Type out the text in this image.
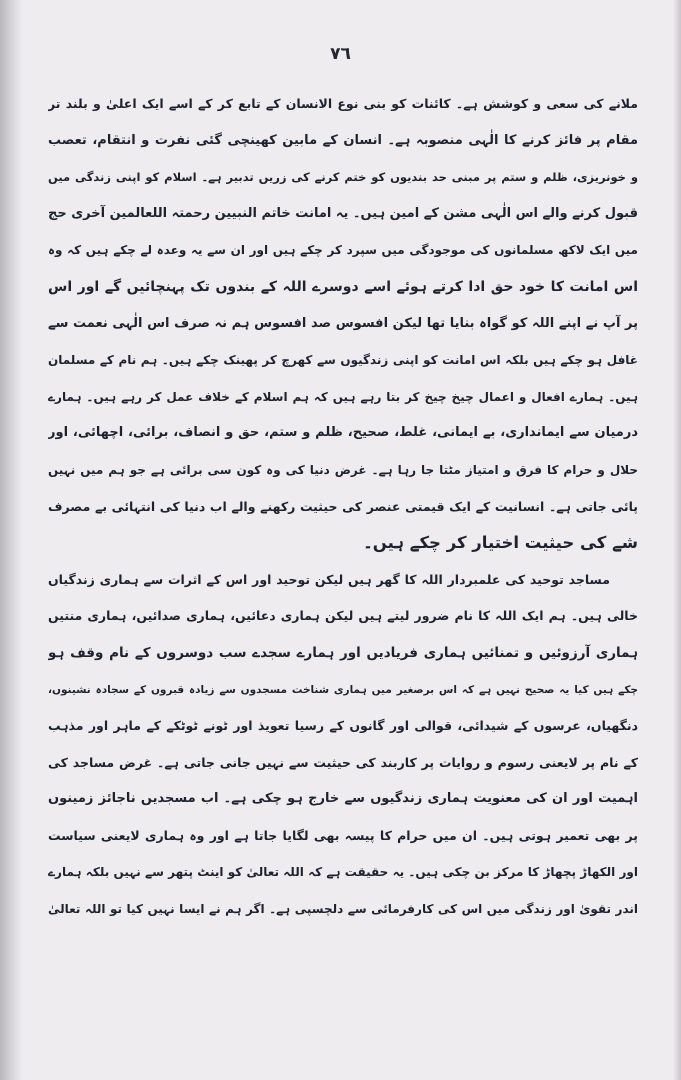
۷٦
ملانے کی سعی و کوشش ہے۔ کائنات کو بنی نوع الانسان کے تابع کر کے اسے ایک اعلیٰ و بلند تر
مقام پر فائز کرنے کا الٰہی منصوبہ ہے۔ انسان کے مابین کھینچی گئی نفرت و انتقام، تعصب
و خونریزی، ظلم و ستم پر مبنی حد بندیوں کو ختم کرنے کی زریں تدبیر ہے۔ اسلام کو اپنی زندگی میں
قبول کرنے والے اس الٰہی مشن کے امین ہیں۔ یہ امانت خاتم النبیین رحمتہ اللعالمین آخری حج
میں ایک لاکھ مسلمانوں کی موجودگی میں سپرد کر چکے ہیں اور ان سے یہ وعدہ لے چکے ہیں کہ وہ
اس امانت کا خود حق ادا کرتے ہوئے اسے دوسرے اللہ کے بندوں تک پہنچائیں گے اور اس
پر آپ نے اپنے اللہ کو گواہ بنایا تھا لیکن افسوس صد افسوس ہم نہ صرف اس الٰہی نعمت سے
غافل ہو چکے ہیں بلکہ اس امانت کو اپنی زندگیوں سے کھرچ کر پھینک چکے ہیں۔ ہم نام کے مسلمان
ہیں۔ ہمارے افعال و اعمال چیخ چیخ کر بتا رہے ہیں کہ ہم اسلام کے خلاف عمل کر رہے ہیں۔ ہمارے
درمیان سے ایمانداری، بے ایمانی، غلط، صحیح، ظلم و ستم، حق و انصاف، برائی، اچھائی، اور
حلال و حرام کا فرق و امتیاز مٹتا جا رہا ہے۔ غرض دنیا کی وہ کون سی برائی ہے جو ہم میں نہیں
پائی جاتی ہے۔ انسانیت کے ایک قیمتی عنصر کی حیثیت رکھنے والے اب دنیا کی انتہائی بے مصرف
شے کی حیثیت اختیار کر چکے ہیں۔
مساجد توحید کی علمبردار اللہ کا گھر ہیں لیکن توحید اور اس کے اثرات سے ہماری زندگیاں
خالی ہیں۔ ہم ایک اللہ کا نام ضرور لیتے ہیں لیکن ہماری دعائیں، ہماری صدائیں، ہماری منتیں
ہماری آرزوئیں و تمنائیں ہماری فریادیں اور ہمارے سجدے سب دوسروں کے نام وقف ہو
چکے ہیں کیا یہ صحیح نہیں ہے کہ اس برصغیر میں ہماری شناخت مسجدوں سے زیادہ قبروں کے سجادہ نشینوں،
دنگھیاں، عرسوں کے شیدائی، قوالی اور گانوں کے رسیا تعویذ اور ٹونے ٹوٹکے کے ماہر اور مذہب
کے نام پر لایعنی رسوم و روایات پر کاربند کی حیثیت سے نہیں جانی جاتی ہے۔ غرض مساجد کی
اہمیت اور ان کی معنویت ہماری زندگیوں سے خارج ہو چکی ہے۔ اب مسجدیں ناجائز زمینوں
پر بھی تعمیر ہوتی ہیں۔ ان میں حرام کا پیسہ بھی لگایا جاتا ہے اور وہ ہماری لایعنی سیاست
اور الکھاڑ پچھاڑ کا مرکز بن چکی ہیں۔ یہ حقیقت ہے کہ اللہ تعالیٰ کو اینٹ پتھر سے نہیں بلکہ ہمارے
اندر تقویٰ اور زندگی میں اس کی کارفرمائی سے دلچسپی ہے۔ اگر ہم نے ایسا نہیں کیا تو اللہ تعالیٰ
